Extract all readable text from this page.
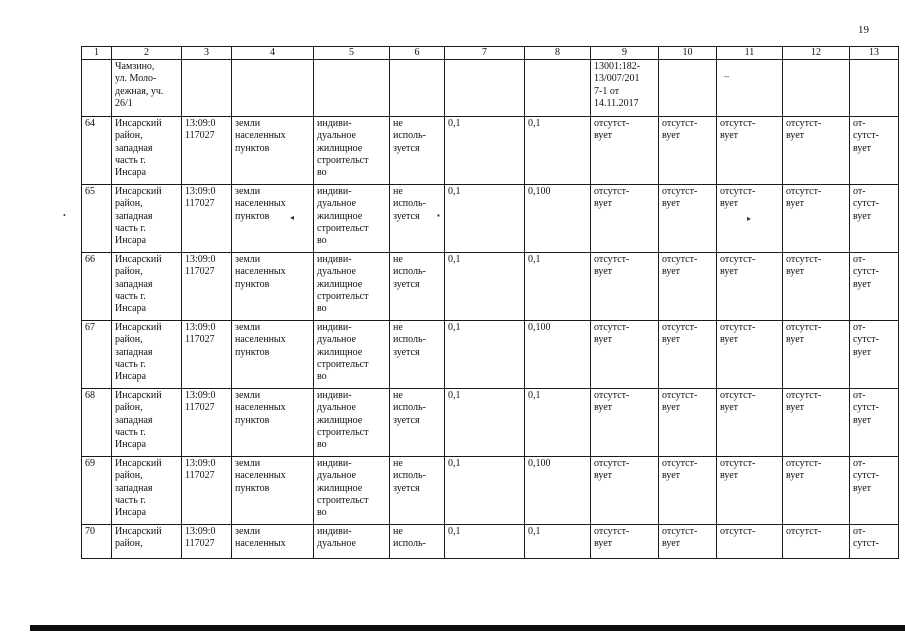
19
1	2	3	4	5	6	7	8	9	10	11	12	13
	Чамзино,
ул. Моло-
дежная, уч.
26/1							13001:182-
13/007/201
7-1 от
14.11.2017				
64	Инсарский
район,
западная
часть г.
Инсара	13:09:0
117027	земли
населенных
пунктов	индиви-
дуальное
жилищное
строительст
во	не
исполь-
зуется	0,1	0,1	отсутст-
вует	отсутст-
вует	отсутст-
вует	отсутст-
вует	от-
сутст-
вует
65	Инсарский
район,
западная
часть г.
Инсара	13:09:0
117027	земли
населенных
пунктов	индиви-
дуальное
жилищное
строительст
во	не
исполь-
зуется	0,1	0,100	отсутст-
вует	отсутст-
вует	отсутст-
вует	отсутст-
вует	от-
сутст-
вует
66	Инсарский
район,
западная
часть г.
Инсара	13:09:0
117027	земли
населенных
пунктов	индиви-
дуальное
жилищное
строительст
во	не
исполь-
зуется	0,1	0,1	отсутст-
вует	отсутст-
вует	отсутст-
вует	отсутст-
вует	от-
сутст-
вует
67	Инсарский
район,
западная
часть г.
Инсара	13:09:0
117027	земли
населенных
пунктов	индиви-
дуальное
жилищное
строительст
во	не
исполь-
зуется	0,1	0,100	отсутст-
вует	отсутст-
вует	отсутст-
вует	отсутст-
вует	от-
сутст-
вует
68	Инсарский
район,
западная
часть г.
Инсара	13:09:0
117027	земли
населенных
пунктов	индиви-
дуальное
жилищное
строительст
во	не
исполь-
зуется	0,1	0,1	отсутст-
вует	отсутст-
вует	отсутст-
вует	отсутст-
вует	от-
сутст-
вует
69	Инсарский
район,
западная
часть г.
Инсара	13:09:0
117027	земли
населенных
пунктов	индиви-
дуальное
жилищное
строительст
во	не
исполь-
зуется	0,1	0,100	отсутст-
вует	отсутст-
вует	отсутст-
вует	отсутст-
вует	от-
сутст-
вует
70	Инсарский
район,	13:09:0
117027	земли
населенных	индиви-
дуальное	не
исполь-	0,1	0,1	отсутст-
вует	отсутст-
вует	отсутст-	отсутст-	от-
сутст-
--
•	◂	▪	▸
